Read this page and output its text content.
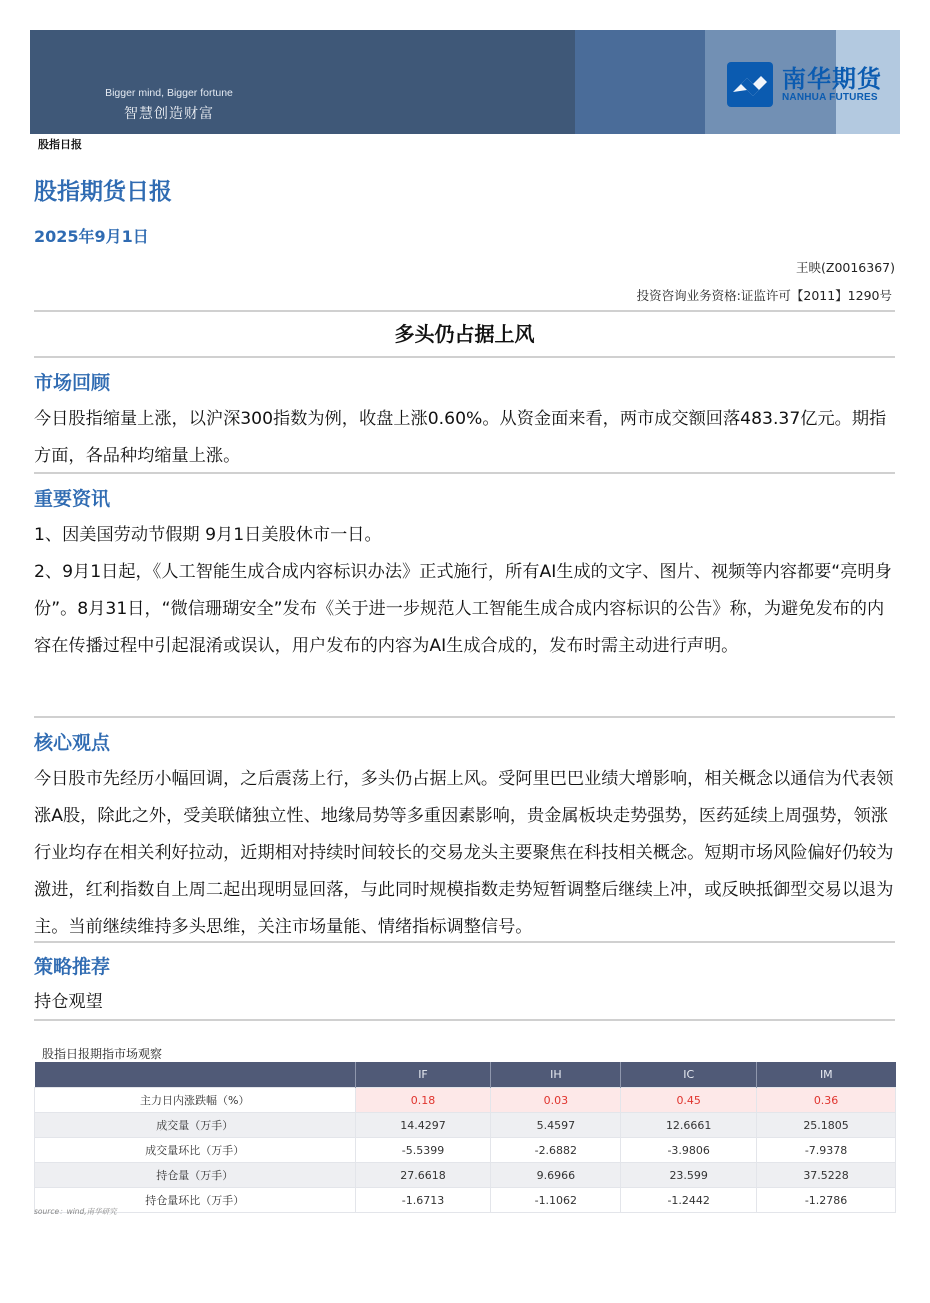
Bigger mind, Bigger fortune
智慧创造财富
南华期货
NANHUA FUTURES
股指日报
股指期货日报
2025年9月1日
王映(Z0016367)
投资咨询业务资格:证监许可【2011】1290号
多头仍占据上风
市场回顾

今日股指缩量上涨，以沪深300指数为例，收盘上涨0.60%。从资金面来看，两市成交额回落483.37亿元。期指方面，各品种均缩量上涨。

重要资讯

1、因美国劳动节假期 9月1日美股休市一日。

2、9月1日起，《人工智能生成合成内容标识办法》正式施行，所有AI生成的文字、图片、视频等内容都要“亮明身份”。8月31日，“微信珊瑚安全”发布《关于进一步规范人工智能生成合成内容标识的公告》称，为避免发布的内容在传播过程中引起混淆或误认，用户发布的内容为AI生成合成的，发布时需主动进行声明。

核心观点

今日股市先经历小幅回调，之后震荡上行，多头仍占据上风。受阿里巴巴业绩大增影响，相关概念以通信为代表领涨A股，除此之外，受美联储独立性、地缘局势等多重因素影响，贵金属板块走势强势，医药延续上周强势，领涨行业均存在相关利好拉动，近期相对持续时间较长的交易龙头主要聚焦在科技相关概念。短期市场风险偏好仍较为激进，红利指数自上周二起出现明显回落，与此同时规模指数走势短暂调整后继续上冲，或反映抵御型交易以退为主。当前继续维持多头思维，关注市场量能、情绪指标调整信号。

策略推荐

持仓观望

股指日报期指市场观察
	IF	IH	IC	IM
主力日内涨跌幅（%）	0.18	0.03	0.45	0.36
成交量（万手）	14.4297	5.4597	12.6661	25.1805
成交量环比（万手）	-5.5399	-2.6882	-3.9806	-7.9378
持仓量（万手）	27.6618	9.6966	23.599	37.5228
持仓量环比（万手）	-1.6713	-1.1062	-1.2442	-1.2786
source：wind,南华研究
